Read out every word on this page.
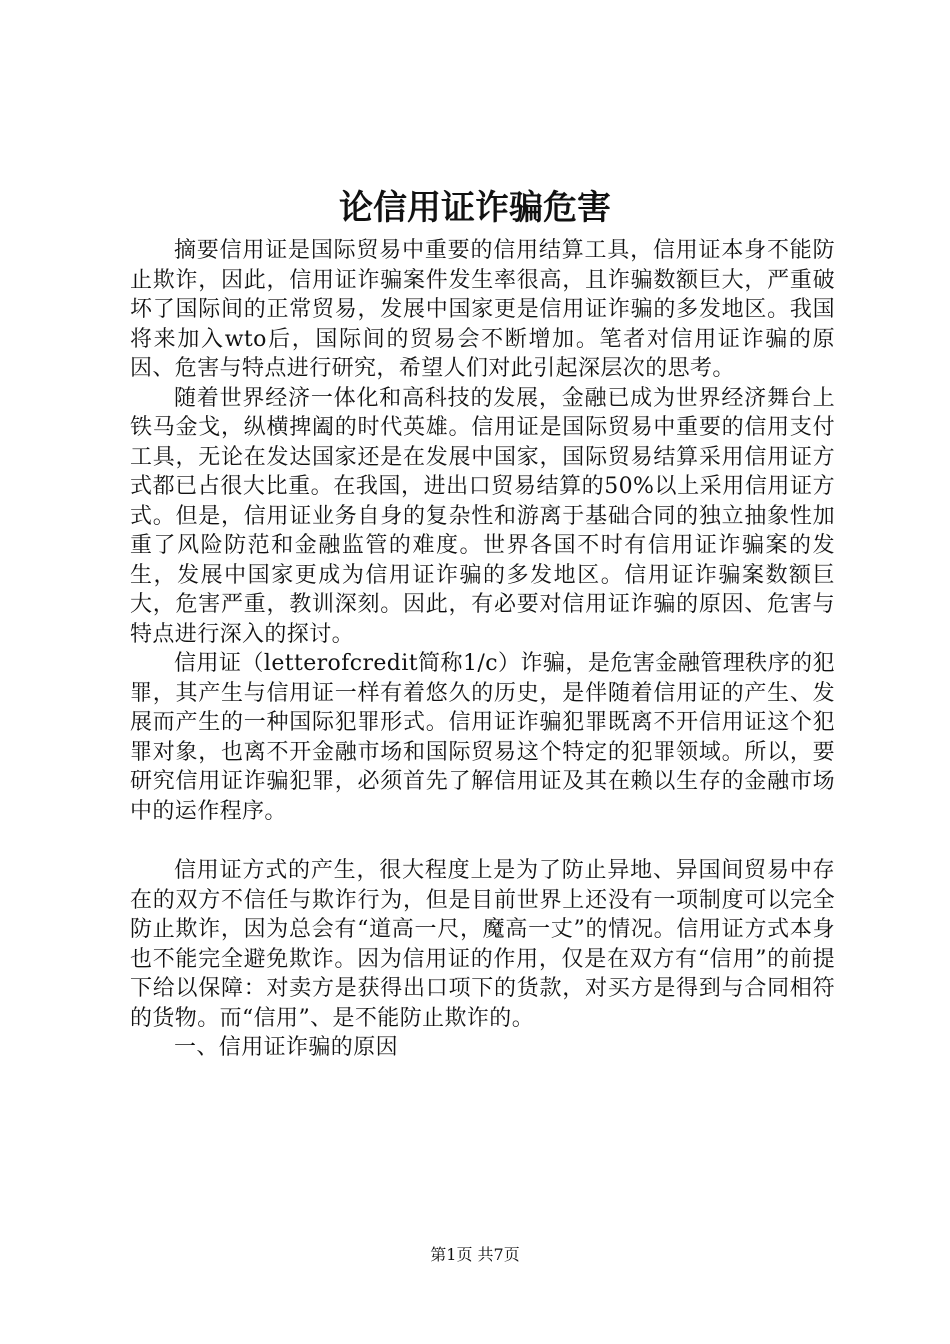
论信用证诈骗危害

摘要信用证是国际贸易中重要的信用结算工具，信用证本身不能防止欺诈，因此，信用证诈骗案件发生率很高，且诈骗数额巨大，严重破坏了国际间的正常贸易，发展中国家更是信用证诈骗的多发地区。我国将来加入wto后，国际间的贸易会不断增加。笔者对信用证诈骗的原因、危害与特点进行研究，希望人们对此引起深层次的思考。

随着世界经济一体化和高科技的发展，金融已成为世界经济舞台上铁马金戈，纵横捭阖的时代英雄。信用证是国际贸易中重要的信用支付工具，无论在发达国家还是在发展中国家，国际贸易结算采用信用证方式都已占很大比重。在我国，进出口贸易结算的50%以上采用信用证方式。但是，信用证业务自身的复杂性和游离于基础合同的独立抽象性加重了风险防范和金融监管的难度。世界各国不时有信用证诈骗案的发生，发展中国家更成为信用证诈骗的多发地区。信用证诈骗案数额巨大，危害严重，教训深刻。因此，有必要对信用证诈骗的原因、危害与特点进行深入的探讨。

信用证（letterofcredit简称1/c）诈骗，是危害金融管理秩序的犯罪，其产生与信用证一样有着悠久的历史，是伴随着信用证的产生、发展而产生的一种国际犯罪形式。信用证诈骗犯罪既离不开信用证这个犯罪对象，也离不开金融市场和国际贸易这个特定的犯罪领域。所以，要研究信用证诈骗犯罪，必须首先了解信用证及其在赖以生存的金融市场中的运作程序。

信用证方式的产生，很大程度上是为了防止异地、异国间贸易中存在的双方不信任与欺诈行为，但是目前世界上还没有一项制度可以完全防止欺诈，因为总会有“道高一尺，魔高一丈”的情况。信用证方式本身也不能完全避免欺诈。因为信用证的作用，仅是在双方有“信用”的前提下给以保障：对卖方是获得出口项下的货款，对买方是得到与合同相符的货物。而“信用”、是不能防止欺诈的。

一、信用证诈骗的原因

第1页 共7页
